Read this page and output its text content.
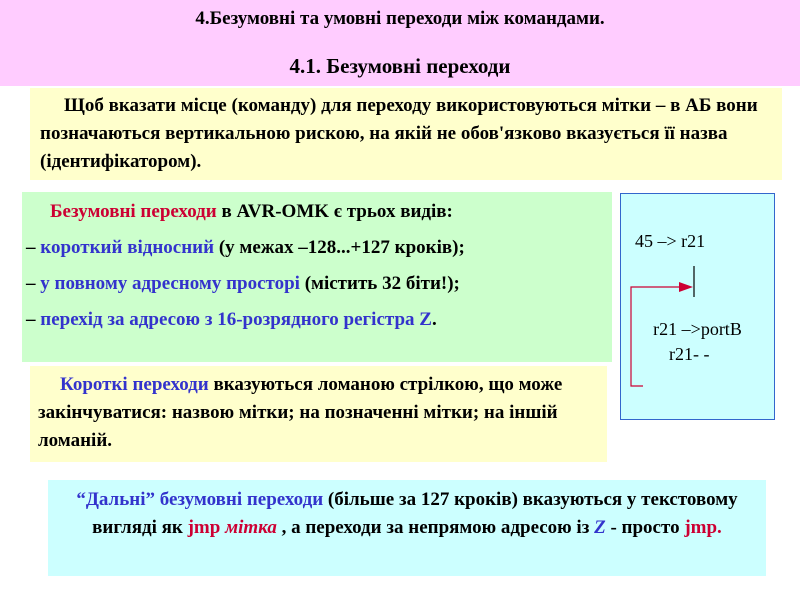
4.Безумовні та умовні переходи між командами.
4.1. Безумовні переходи

Щоб вказати місце (команду) для переходу використовуються мітки – в АБ вони позначаються вертикальною рискою, на якій не обов'язково вказується її назва (ідентифікатором).

Безумовні переходи в AVR-OMK є трьох видів:

– короткий відносний (у межах –128...+127 кроків);

– у повному адресному просторі (містить 32 біти!);

– перехід за адресою з 16-розрядного регістра Z.

Короткі переходи вказуються ломаною стрілкою, що може закінчуватися: назвою мітки; на позначенні мітки; на іншій ломаній.

“Дальні” безумовні переходи (більше за 127 кроків) вказуються у текстовому вигляді як jmp мітка , а переходи за непрямою адресою із Z - просто jmp.

45 –> r21
r21 –>portB
r21- -
